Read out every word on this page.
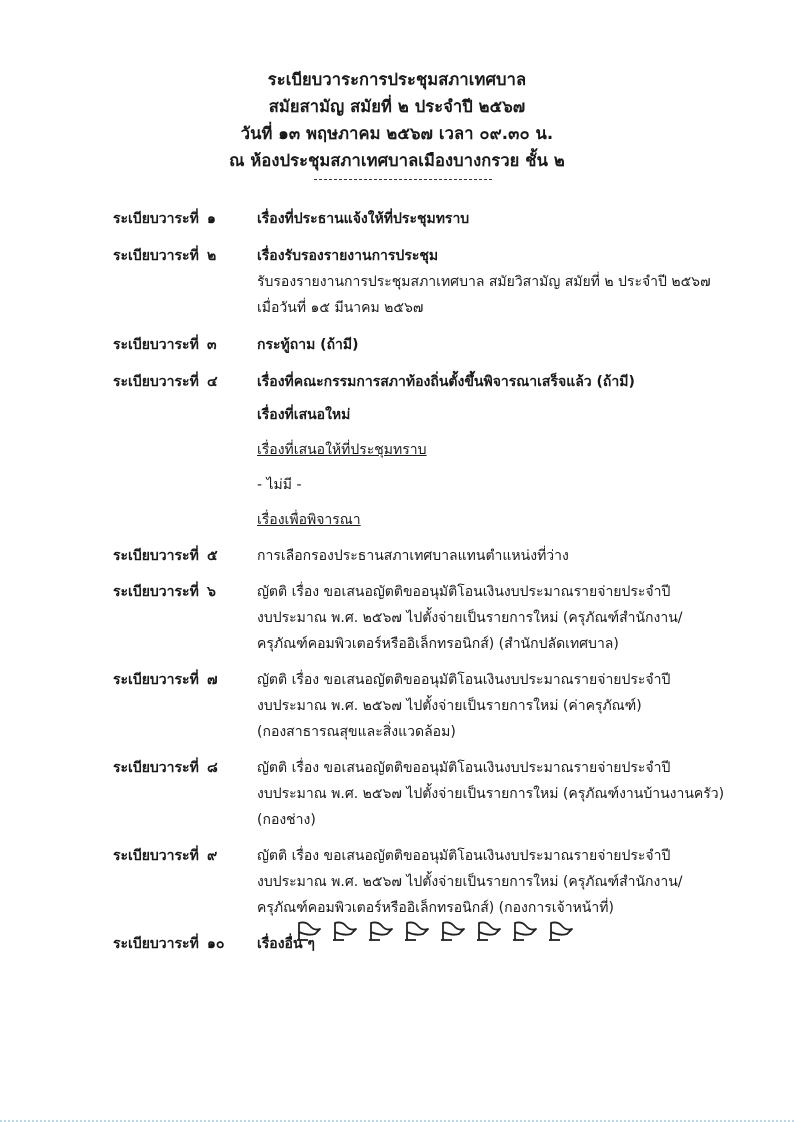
ระเบียบวาระการประชุมสภาเทศบาล
สมัยสามัญ สมัยที่ ๒ ประจำปี ๒๕๖๗
วันที่ ๑๓ พฤษภาคม ๒๕๖๗ เวลา ๐๙.๓๐ น.
ณ ห้องประชุมสภาเทศบาลเมืองบางกรวย ชั้น ๒
ระเบียบวาระที่ ๑	เรื่องที่ประธานแจ้งให้ที่ประชุมทราบ
ระเบียบวาระที่ ๒	เรื่องรับรองรายงานการประชุม
รับรองรายงานการประชุมสภาเทศบาล สมัยวิสามัญ สมัยที่ ๒ ประจำปี ๒๕๖๗
เมื่อวันที่ ๑๕ มีนาคม ๒๕๖๗
ระเบียบวาระที่ ๓	กระทู้ถาม (ถ้ามี)
ระเบียบวาระที่ ๔	เรื่องที่คณะกรรมการสภาท้องถิ่นตั้งขึ้นพิจารณาเสร็จแล้ว (ถ้ามี)
เรื่องที่เสนอใหม่
เรื่องที่เสนอให้ที่ประชุมทราบ
- ไม่มี -
เรื่องเพื่อพิจารณา
ระเบียบวาระที่ ๕	การเลือกรองประธานสภาเทศบาลแทนตำแหน่งที่ว่าง
ระเบียบวาระที่ ๖	ญัตติ เรื่อง ขอเสนอญัตติขออนุมัติโอนเงินงบประมาณรายจ่ายประจำปี
งบประมาณ พ.ศ. ๒๕๖๗ ไปตั้งจ่ายเป็นรายการใหม่ (ครุภัณฑ์สำนักงาน/
ครุภัณฑ์คอมพิวเตอร์หรืออิเล็กทรอนิกส์) (สำนักปลัดเทศบาล)
ระเบียบวาระที่ ๗	ญัตติ เรื่อง ขอเสนอญัตติขออนุมัติโอนเงินงบประมาณรายจ่ายประจำปี
งบประมาณ พ.ศ. ๒๕๖๗ ไปตั้งจ่ายเป็นรายการใหม่ (ค่าครุภัณฑ์)
(กองสาธารณสุขและสิ่งแวดล้อม)
ระเบียบวาระที่ ๘	ญัตติ เรื่อง ขอเสนอญัตติขออนุมัติโอนเงินงบประมาณรายจ่ายประจำปี
งบประมาณ พ.ศ. ๒๕๖๗ ไปตั้งจ่ายเป็นรายการใหม่ (ครุภัณฑ์งานบ้านงานครัว)
(กองช่าง)
ระเบียบวาระที่ ๙	ญัตติ เรื่อง ขอเสนอญัตติขออนุมัติโอนเงินงบประมาณรายจ่ายประจำปี
งบประมาณ พ.ศ. ๒๕๖๗ ไปตั้งจ่ายเป็นรายการใหม่ (ครุภัณฑ์สำนักงาน/
ครุภัณฑ์คอมพิวเตอร์หรืออิเล็กทรอนิกส์) (กองการเจ้าหน้าที่)
ระเบียบวาระที่ ๑๐ เรื่องอื่น ๆ
